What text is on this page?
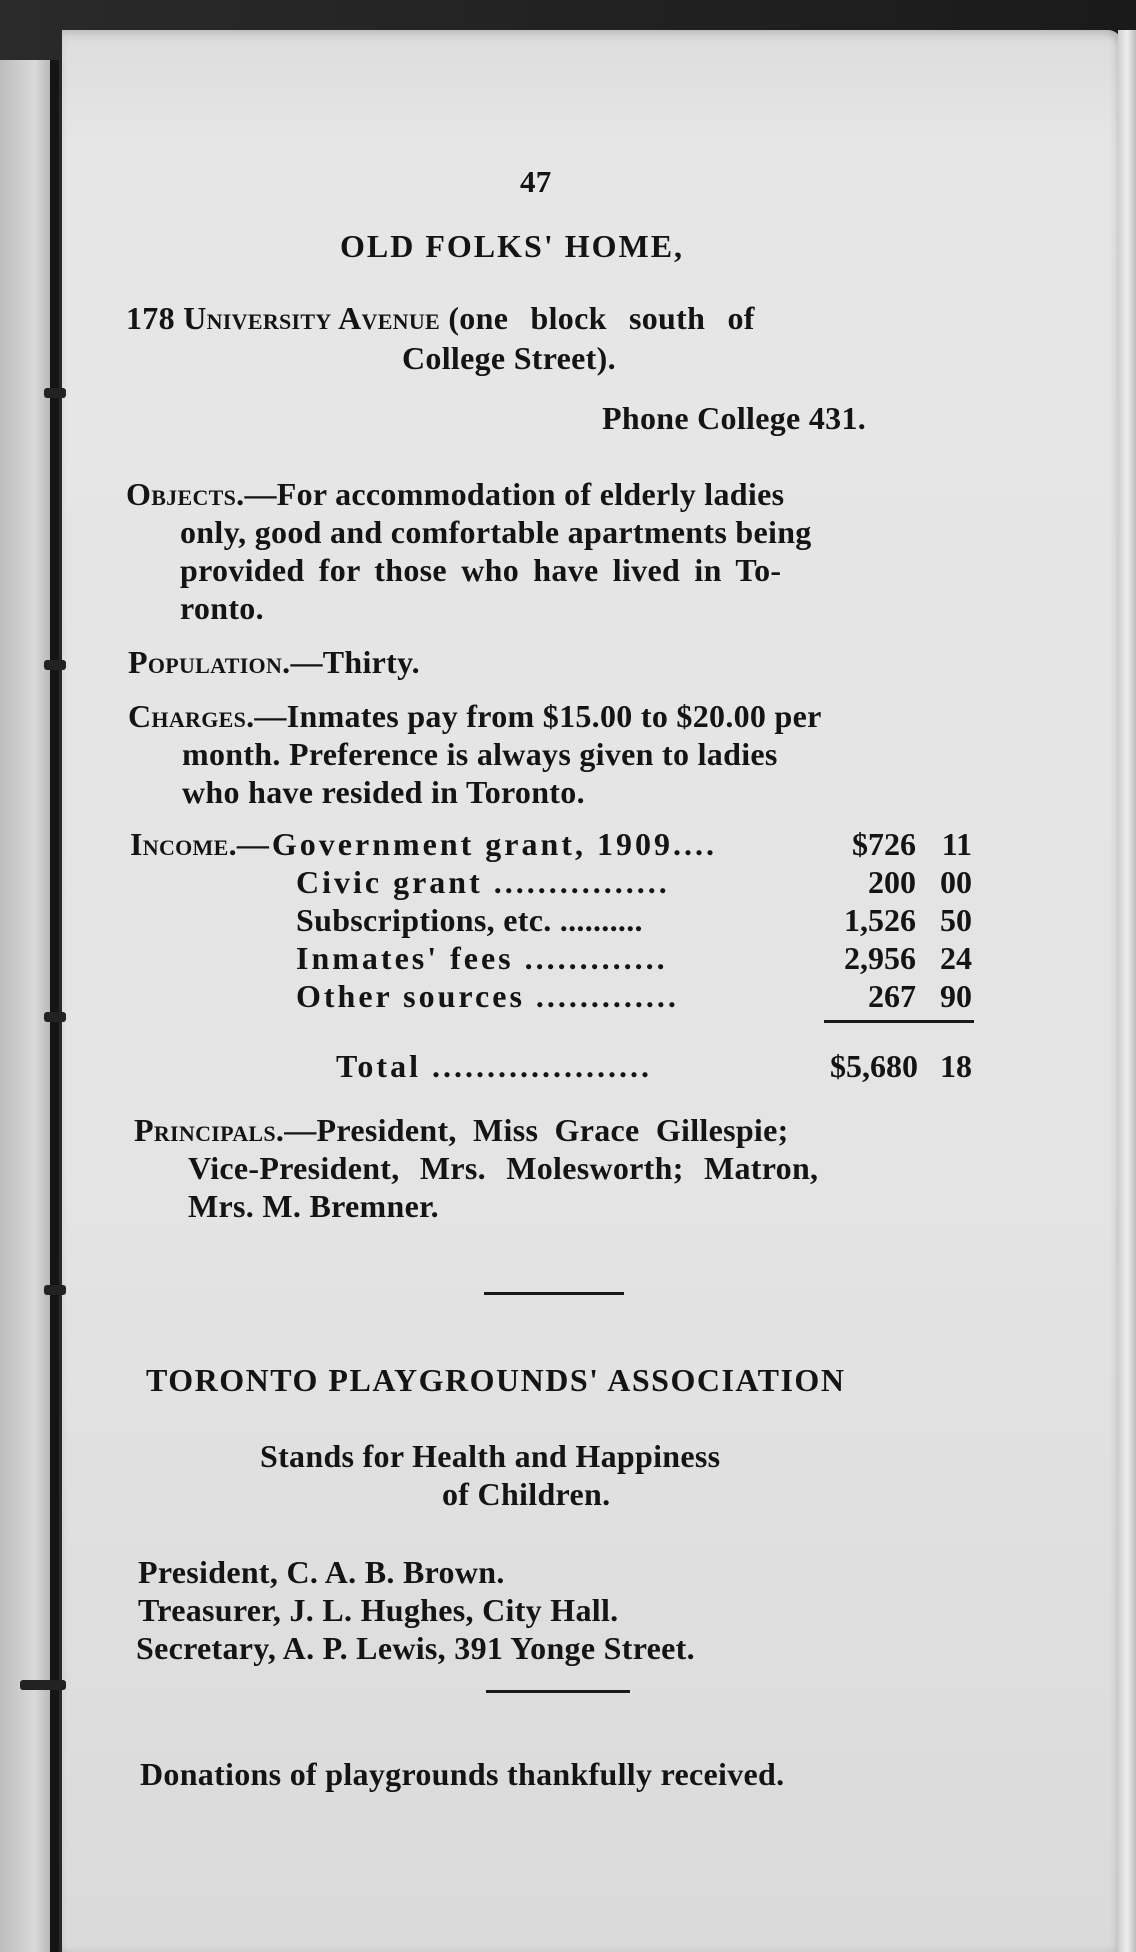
47
OLD FOLKS' HOME,
178 University Avenue (one block south of
College Street).
Phone College 431.
Objects.—For accommodation of elderly ladies
only, good and comfortable apartments being
provided for those who have lived in To-
ronto.
Population.—Thirty.
Charges.—Inmates pay from $15.00 to $20.00 per
month. Preference is always given to ladies
who have resided in Toronto.
Income.—Government grant, 1909....	$726 11
Civic grant ................	200 00
Subscriptions, etc. ..........	1,526 50
Inmates' fees .............	2,956 24
Other sources .............	267 90
Total ....................	$5,680 18
Principals.—President, Miss Grace Gillespie;
Vice-President, Mrs. Molesworth; Matron,
Mrs. M. Bremner.
TORONTO PLAYGROUNDS' ASSOCIATION
Stands for Health and Happiness
of Children.
President, C. A. B. Brown.
Treasurer, J. L. Hughes, City Hall.
Secretary, A. P. Lewis, 391 Yonge Street.
Donations of playgrounds thankfully received.
